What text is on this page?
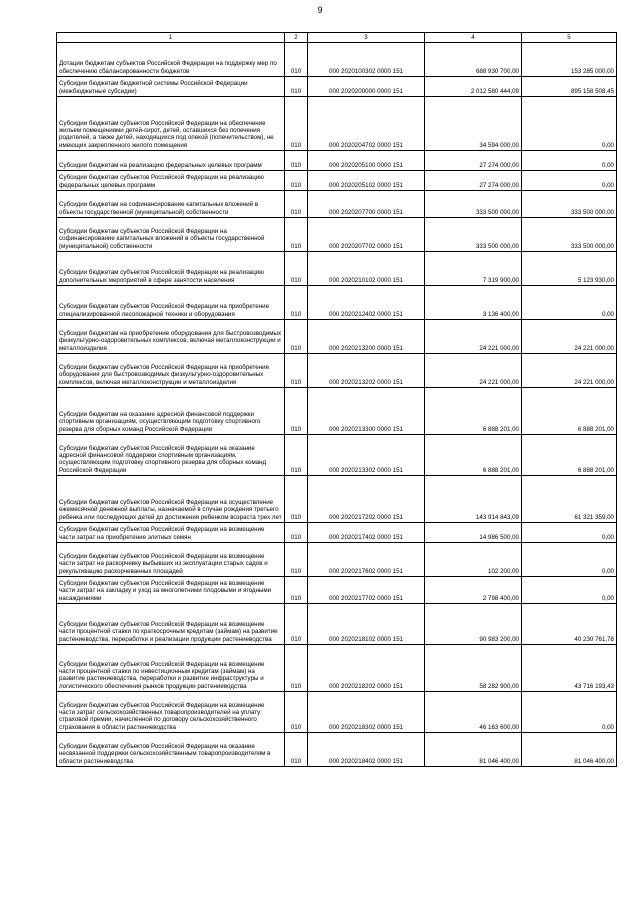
9
1	2	3	4	5
Дотации бюджетам субъектов Российской Федерации на поддержку мер по обеспечению сбалансированности бюджетов	010	000 2020100302 0000 151	688 930 700,00	153 285 000,00
Субсидии бюджетам бюджетной системы Российской Федерации (межбюджетные субсидии)	010	000 2020200000 0000 151	2 012 580 444,09	895 158 508,45
Субсидии бюджетам субъектов Российской Федерации на обеспечение жильем помещениями детей-сирот, детей, оставшихся без попечения родителей, а также детей, находящихся под опекой (попечительством), не имеющих закрепленного жилого помещения	010	000 2020204702 0000 151	34 594 000,00	0,00
Субсидии бюджетам на реализацию федеральных целевых программ	010	000 2020205100 0000 151	27 274 000,00	0,00
Субсидии бюджетам субъектов Российской Федерации на реализацию федеральных целевых программ	010	000 2020205102 0000 151	27 274 000,00	0,00
Субсидии бюджетам на софинансирование капитальных вложений в объекты государственной (муниципальной) собственности	010	000 2020207700 0000 151	333 500 000,00	333 500 000,00
Субсидии бюджетам субъектов Российской Федерации на софинансирование капитальных вложений в объекты государственной (муниципальной) собственности	010	000 2020207702 0000 151	333 500 000,00	333 500 000,00
Субсидии бюджетам субъектов Российской Федерации на реализацию дополнительных мероприятий в сфере занятости населения	010	000 2020210102 0000 151	7 319 900,00	5 123 930,00
Субсидии бюджетам субъектов Российской Федерации на приобретение специализированной лесопожарной техники и оборудования	010	000 2020212402 0000 151	3 136 400,00	0,00
Субсидии бюджетам на приобретение оборудования для быстровозводимых физкультурно-оздоровительных комплексов, включая металлоконструкции и металлоизделия	010	000 2020213200 0000 151	24 221 000,00	24 221 000,00
Субсидии бюджетам субъектов Российской Федерации на приобретение оборудования для быстровозводимых физкультурно-оздоровительных комплексов, включая металлоконструкции и металлоизделия	010	000 2020213202 0000 151	24 221 000,00	24 221 000,00
Субсидии бюджетам на оказание адресной финансовой поддержки спортивным организациям, осуществляющим подготовку спортивного резерва для сборных команд Российской Федерации	010	000 2020213300 0000 151	6 888 201,00	6 888 201,00
Субсидии бюджетам субъектов Российской Федерации на оказание адресной финансовой поддержки спортивным организациям, осуществляющим подготовку спортивного резерва для сборных команд Российской Федерации	010	000 2020213302 0000 151	6 888 201,00	6 888 201,00
Субсидии бюджетам субъектов Российской Федерации на осуществление ежемесячной денежной выплаты, назначаемой в случае рождения третьего ребенка или последующих детей до достижения ребенком возраста трех лет	010	000 2020217202 0000 151	143 914 843,09	61 321 359,00
Субсидии бюджетам субъектов Российской Федерации на возмещение части затрат на приобретение элитных семян	010	000 2020217402 0000 151	14 986 500,00	0,00
Субсидии бюджетам субъектов Российской Федерации на возмещение части затрат на раскорчевку выбывших из эксплуатации старых садов и рекультивацию раскорчеванных площадей	010	000 2020217602 0000 151	102 200,00	0,00
Субсидии бюджетам субъектов Российской Федерации на возмещение части затрат на закладку и уход за многолетними плодовыми и ягодными насаждениями	010	000 2020217702 0000 151	2 798 400,00	0,00
Субсидии бюджетам субъектов Российской Федерации на возмещение части процентной ставки по краткосрочным кредитам (займам) на развитие растениеводства, переработки и реализации продукции растениеводства	010	000 2020218102 0000 151	90 983 200,00	40 230 761,78
Субсидии бюджетам субъектов Российской Федерации на возмещение части процентной ставки по инвестиционным кредитам (займам) на развитие растениеводства, переработки и развитие инфраструктуры и логистического обеспечения рынков продукции растениеводства	010	000 2020218202 0000 151	58 282 900,00	43 716 193,43
Субсидии бюджетам субъектов Российской Федерации на возмещение части затрат сельскохозяйственных товаропроизводителей на уплату страховой премии, начисленной по договору сельскохозяйственного страхования в области растениеводства	010	000 2020218302 0000 151	46 163 600,00	0,00
Субсидии бюджетам субъектов Российской Федерации на оказание несвязанной поддержки сельскохозяйственным товаропроизводителям в области растениеводства	010	000 2020218402 0000 151	81 046 400,00	81 046 400,00
